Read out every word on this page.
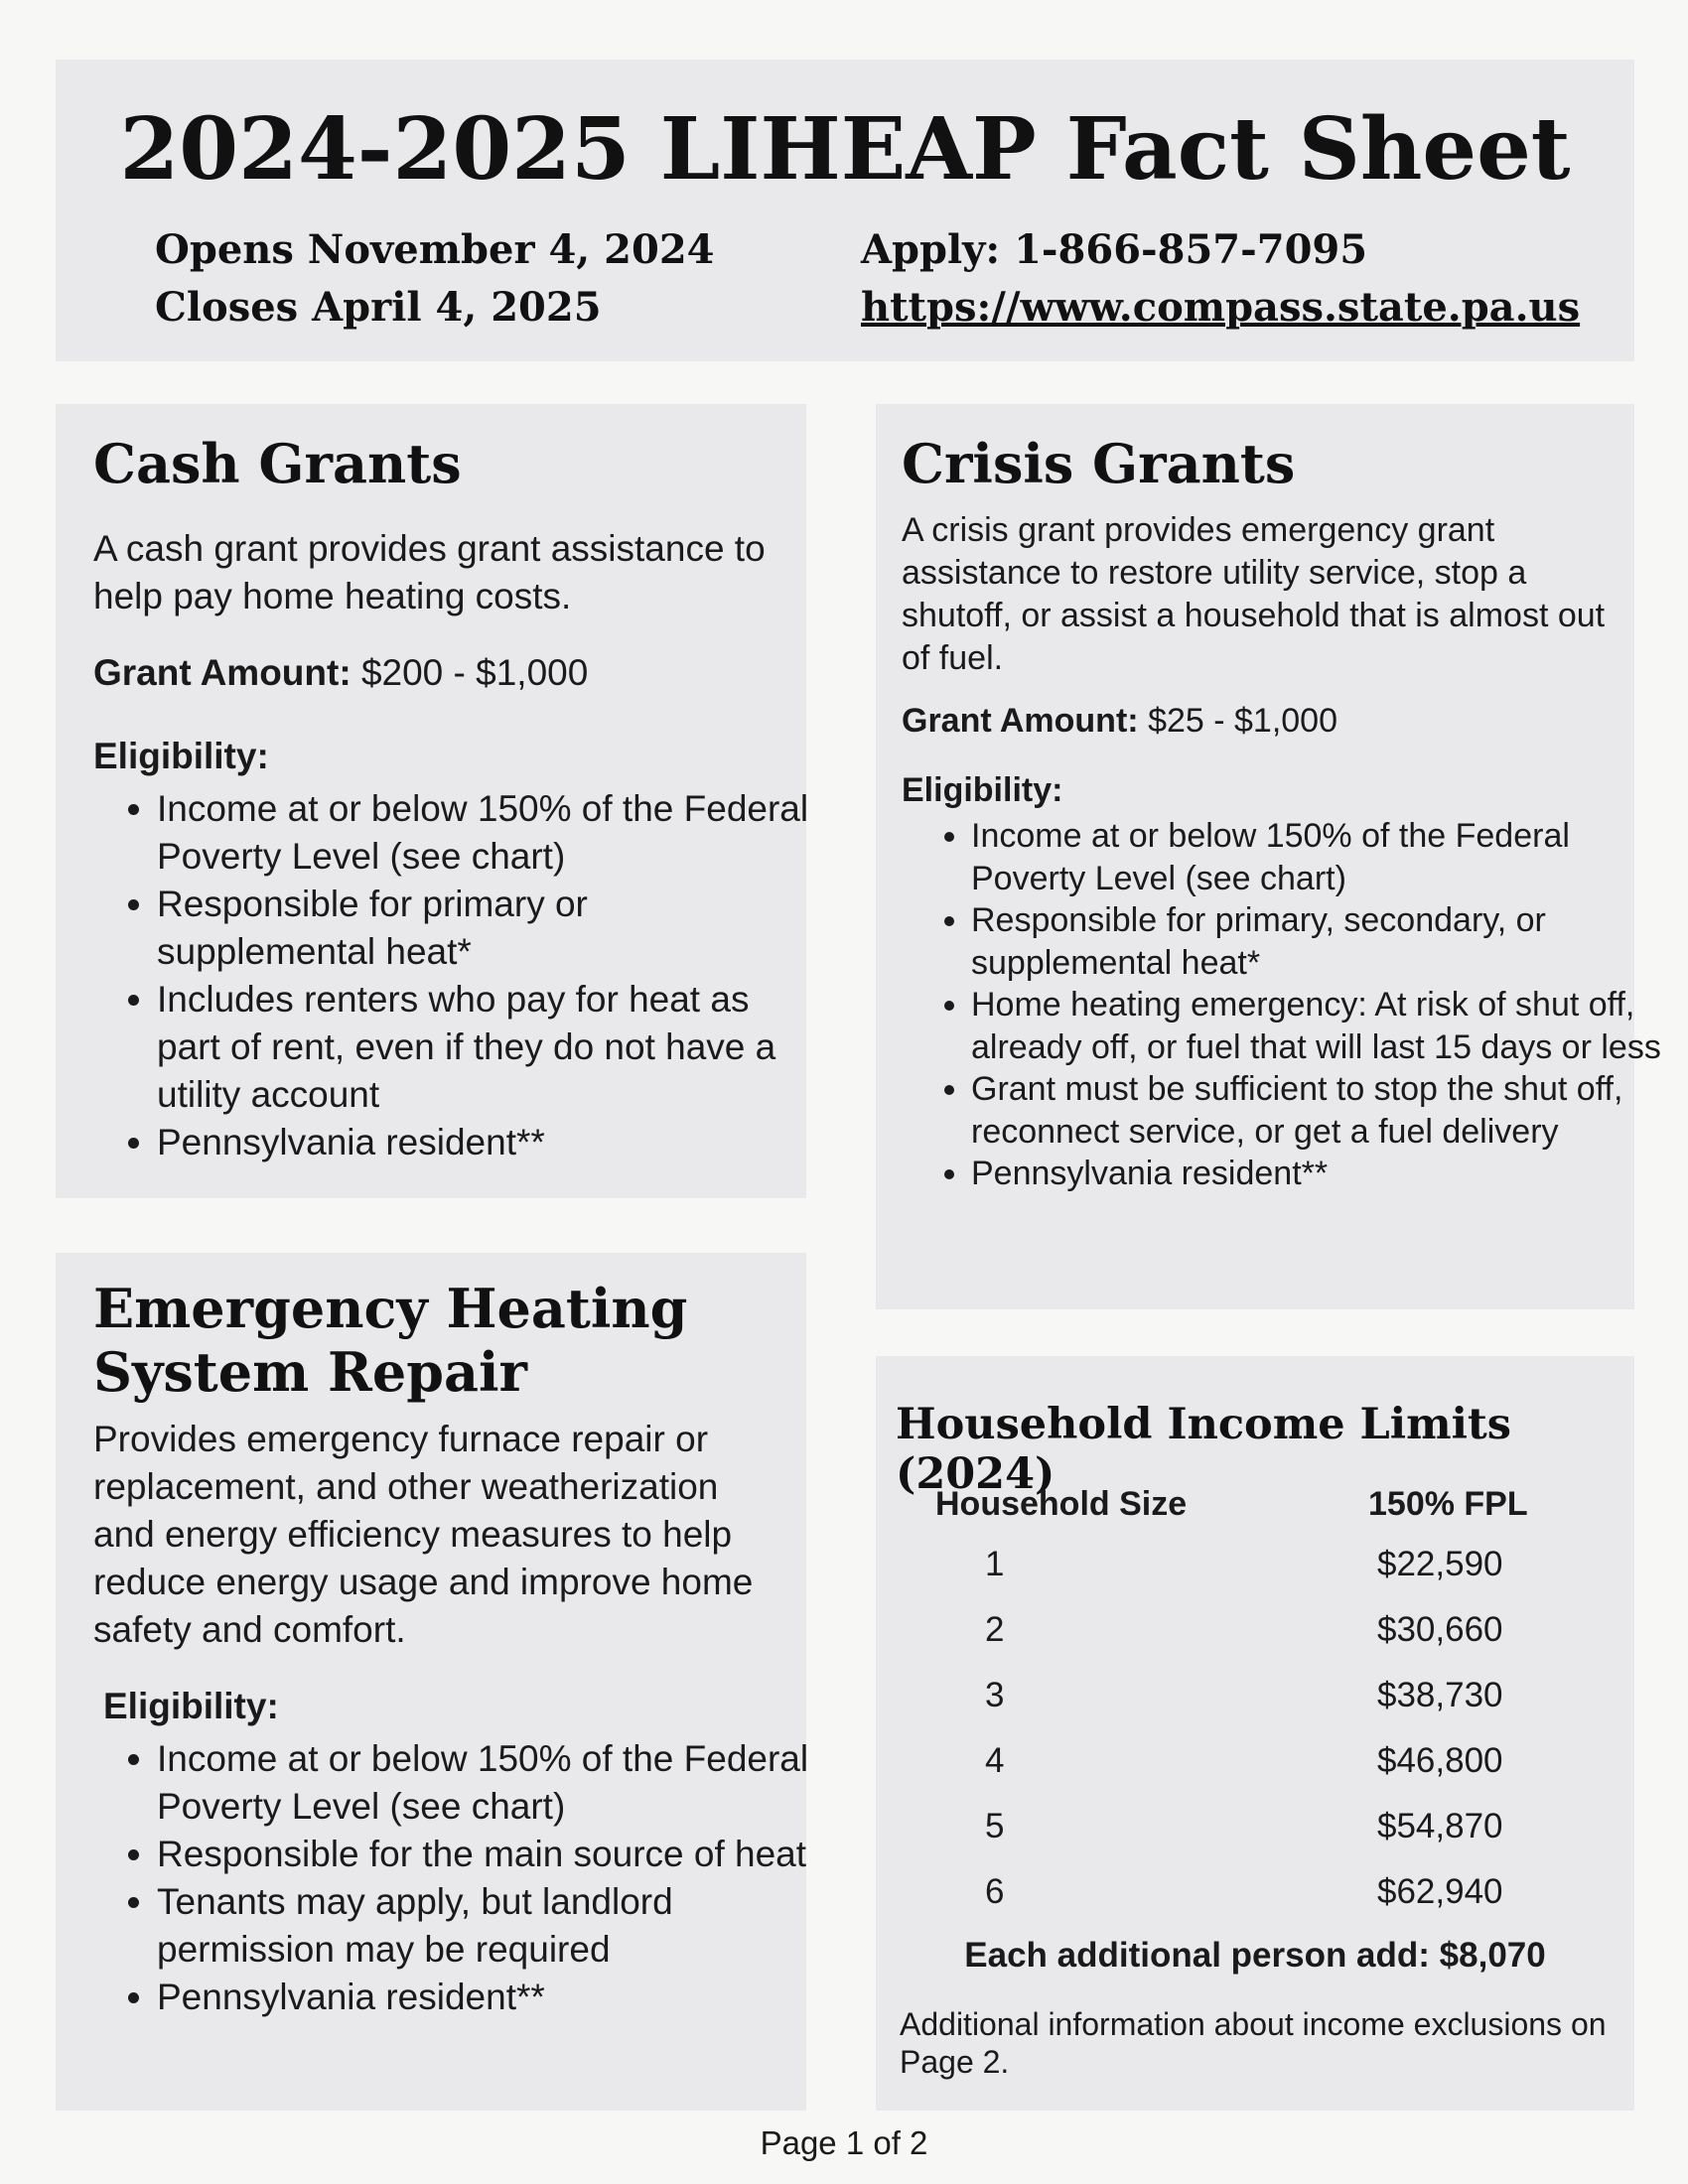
2024-2025 LIHEAP Fact Sheet

Opens November 4, 2024

Closes April 4, 2025

Apply: 1-866-857-7095

https://www.compass.state.pa.us

Cash Grants

A cash grant provides grant assistance to help pay home heating costs.

Grant Amount: $200 - $1,000

Eligibility:

• Income at or below 150% of the Federal Poverty Level (see chart)
• Responsible for primary or supplemental heat*
• Includes renters who pay for heat as part of rent, even if they do not have a utility account
• Pennsylvania resident**
Crisis Grants

A crisis grant provides emergency grant assistance to restore utility service, stop a shutoff, or assist a household that is almost out of fuel.

Grant Amount: $25 - $1,000

Eligibility:

• Income at or below 150% of the Federal Poverty Level (see chart)
• Responsible for primary, secondary, or supplemental heat*
• Home heating emergency: At risk of shut off, already off, or fuel that will last 15 days or less
• Grant must be sufficient to stop the shut off, reconnect service, or get a fuel delivery
• Pennsylvania resident**
Emergency Heating System Repair

Provides emergency furnace repair or replacement, and other weatherization and energy efficiency measures to help reduce energy usage and improve home safety and comfort.

Eligibility:

• Income at or below 150% of the Federal Poverty Level (see chart)
• Responsible for the main source of heat
• Tenants may apply, but landlord permission may be required
• Pennsylvania resident**
Household Income Limits (2024)

Household Size	150% FPL

1	$22,590
2	$30,660
3	$38,730
4	$46,800
5	$54,870
6	$62,940

Each additional person add: $8,070

Additional information about income exclusions on Page 2.

Page 1 of 2
